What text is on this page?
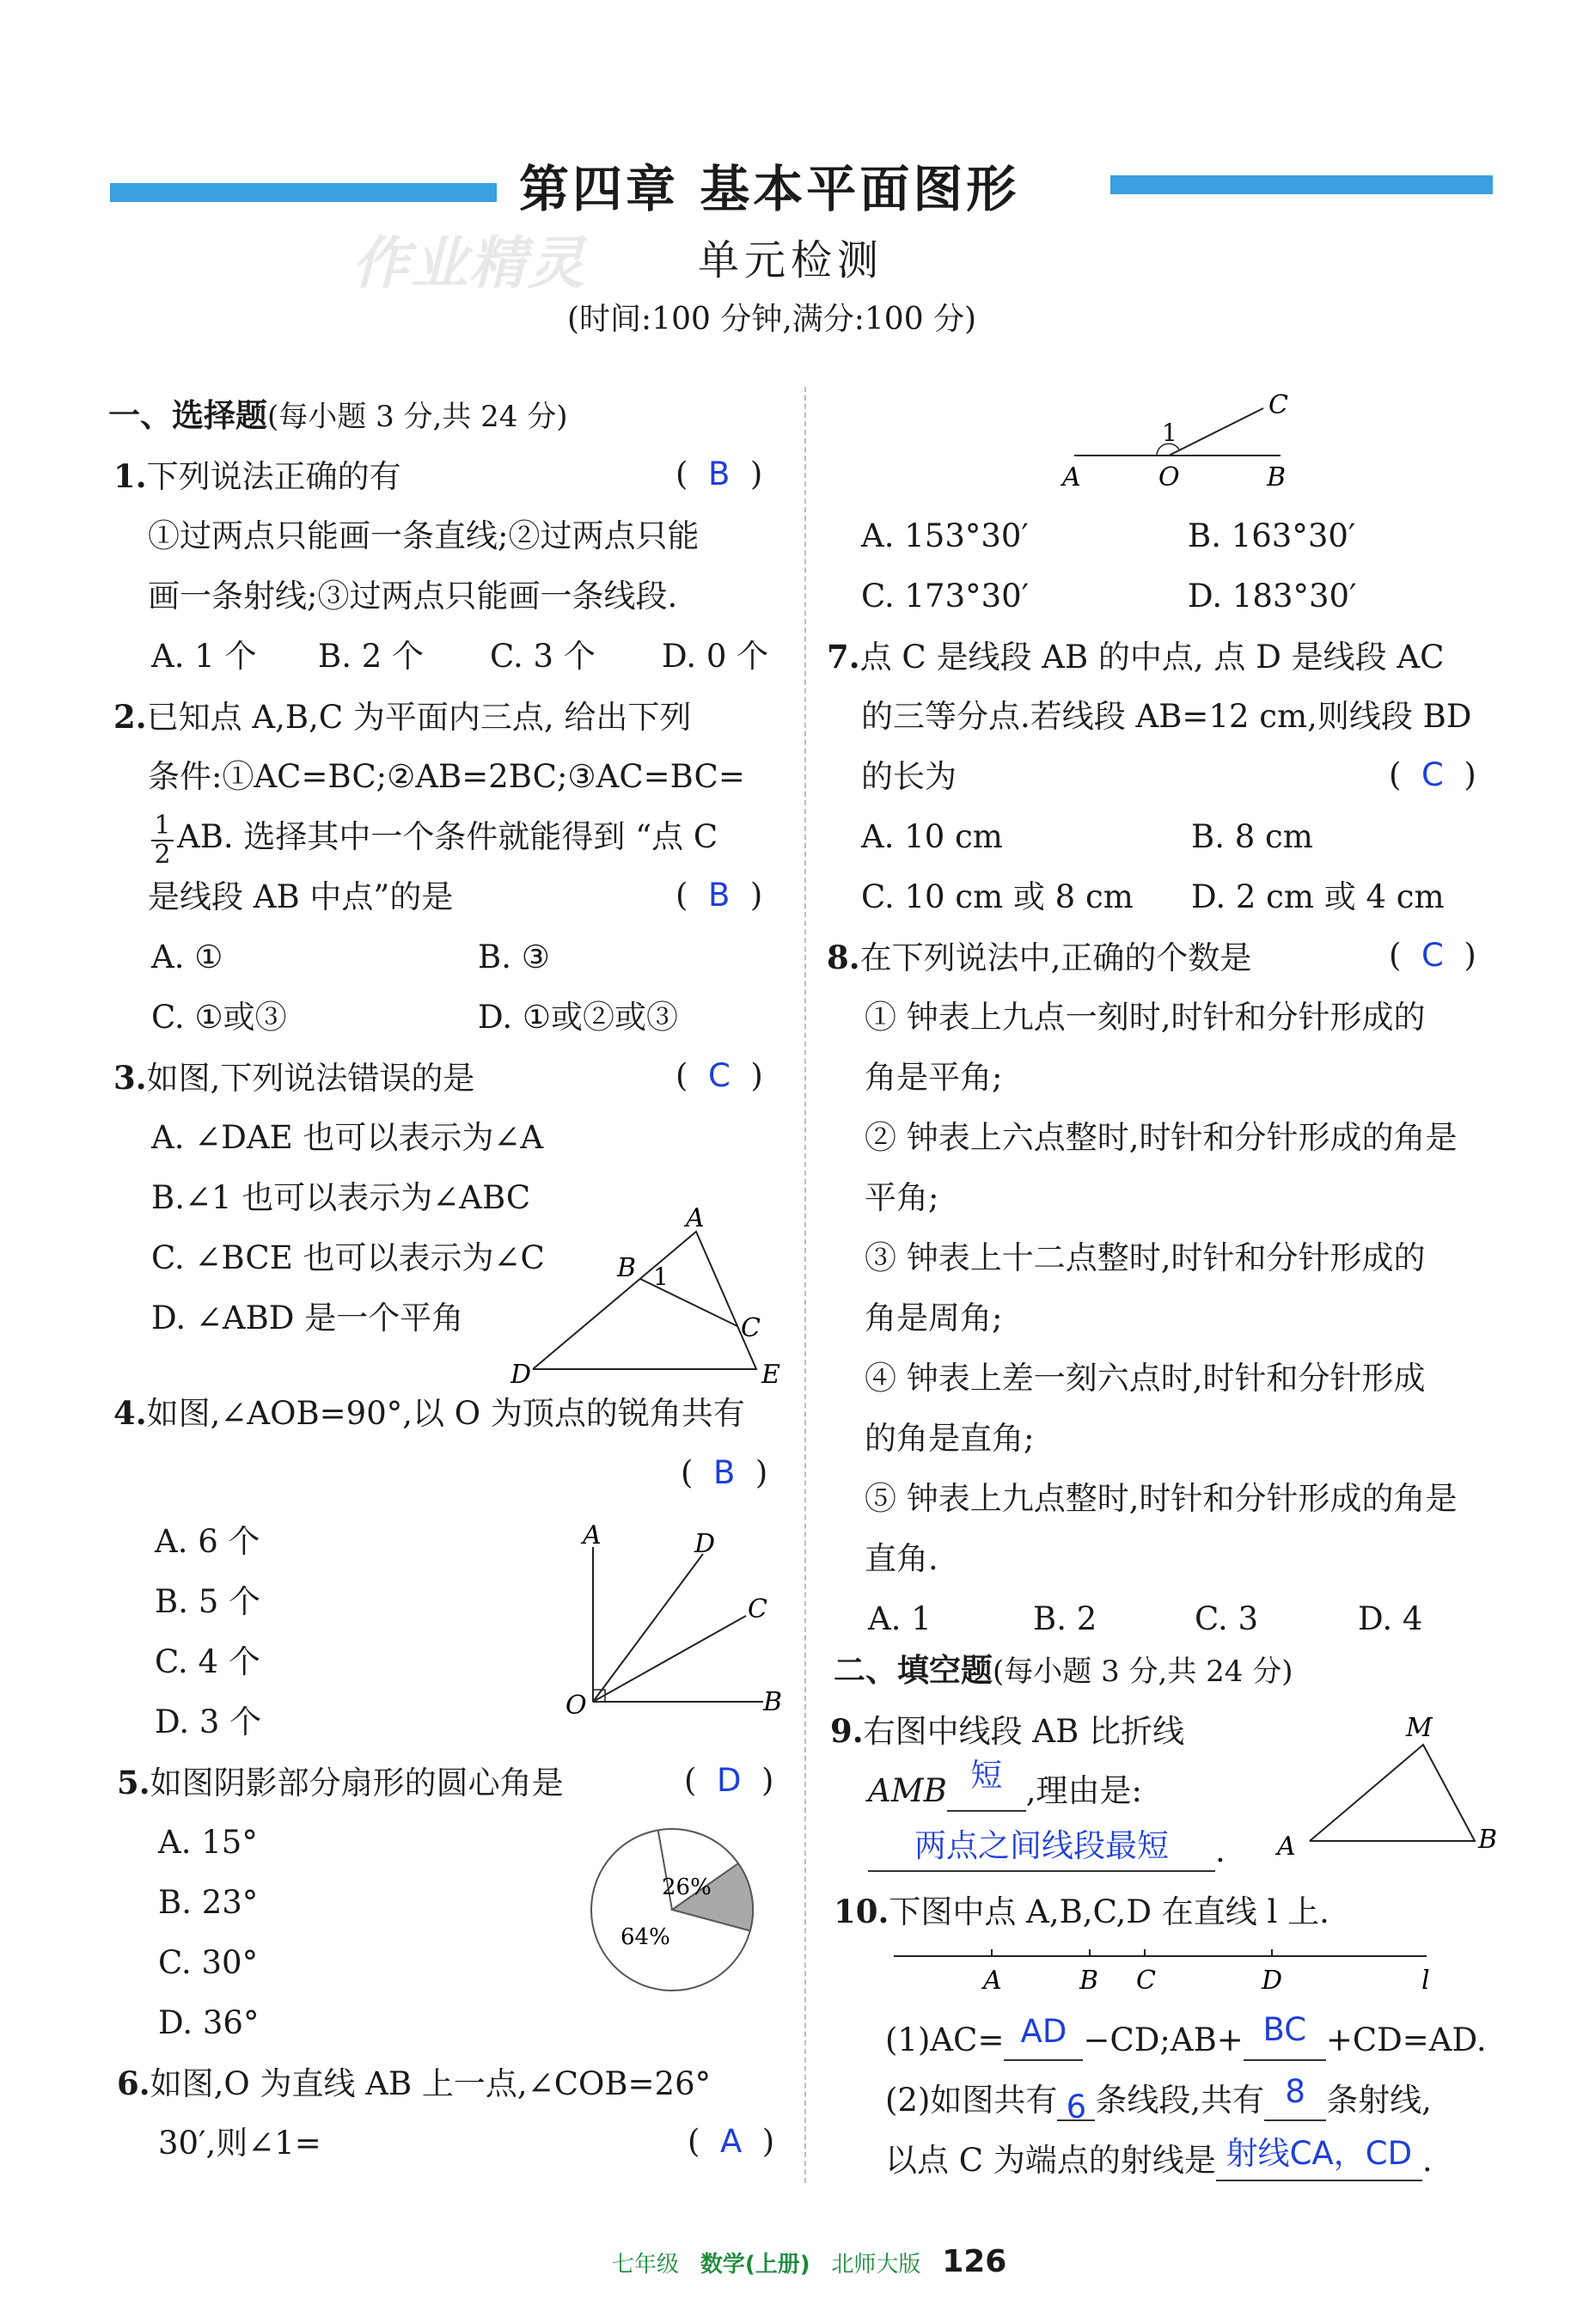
第四章 基本平面图形
作业精灵	单元检测
(时间:100 分钟,满分:100 分)
一、选择题(每小题 3 分,共 24 分)
1.下列说法正确的有	(  B  )
①过两点只能画一条直线;②过两点只能
画一条射线;③过两点只能画一条线段.
A. 1 个 B. 2 个 C. 3 个 D. 0 个
2.已知点 A,B,C 为平面内三点, 给出下列
条件:①AC=BC;②AB=2BC;③AC=BC=
$\frac{1}{2}$ AB. 选择其中一个条件就能得到 “点 C
是线段 AB 中点”的是	(  B  )
A. ①	B. ③
C. ①或③	D. ①或②或③
3.如图,下列说法错误的是	(  C  )
A. ∠DAE 也可以表示为∠A
B.∠1 也可以表示为∠ABC
C. ∠BCE 也可以表示为∠C
D. ∠ABD 是一个平角
A
B 1
C
D	E
4.如图,∠AOB=90°,以 O 为顶点的锐角共有
(  B  )
A. 6 个
B. 5 个
C. 4 个
D. 3 个
A	D
C
O	B
5.如图阴影部分扇形的圆心角是	(  D  )
A. 15°
B. 23°
C. 30°
D. 36°
26%
64%
6.如图,O 为直线 AB 上一点,∠COB=26°
30′,则∠1=	(  A  )
1
C
A	O	B
A. 153°30′	B. 163°30′
C. 173°30′	D. 183°30′
7.点 C 是线段 AB 的中点, 点 D 是线段 AC
的三等分点.若线段 AB=12 cm,则线段 BD
的长为	(  C  )
A. 10 cm	B. 8 cm
C. 10 cm 或 8 cm D. 2 cm 或 4 cm
8.在下列说法中,正确的个数是	(  C  )
① 钟表上九点一刻时,时针和分针形成的
角是平角;
② 钟表上六点整时,时针和分针形成的角是
平角;
③ 钟表上十二点整时,时针和分针形成的
角是周角;
④ 钟表上差一刻六点时,时针和分针形成
的角是直角;
⑤ 钟表上九点整时,时针和分针形成的角是
直角.
A. 1	B. 2	C. 3	D. 4
二、填空题(每小题 3 分,共 24 分)
9.右图中线段 AB 比折线
AMB 短 ,理由是:
两点之间线段最短 .
M
A	B
10.下图中点 A,B,C,D 在直线 l 上.
A	B C	D	l
(1)AC= AD −CD;AB+ BC +CD=AD.
(2)如图共有 6 条线段,共有 8 条射线,
以点 C 为端点的射线是 射线CA，CD .
七年级 数学(上册) 北师大版 126
